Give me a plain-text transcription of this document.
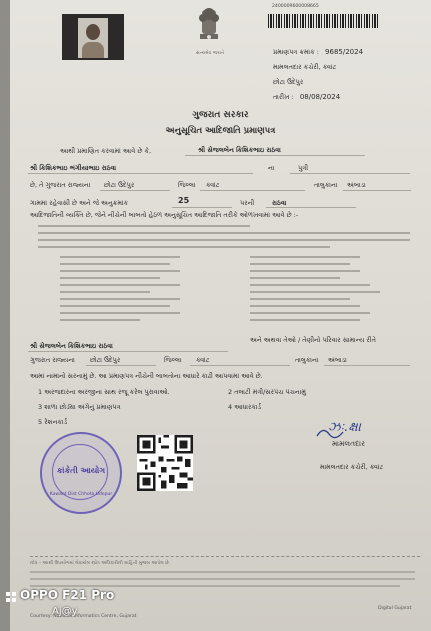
સત્યમેવ જયતે
2400009600008665
પ્રમાણપત્ર ક્રમાંક : 9685/2024
મામલતદાર કચેરી, ક્વાંટ
છોટા ઉદેપુર
તારીખ : 08/08/2024
ગુજરાત સરકાર
અનુસૂચિત આદિજાતિ પ્રમાણપત્ર
આથી પ્રમાણિત કરવામાં આવે છે કે,	શ્રી સેજલબેન કિશિકભાઇ રાઠવા
શ્રી કિશિકભાઇ ભંગીયાભાઇ રાઠવા	ના	પુત્રી
છે, તે ગુજરાત રાજ્યના છોટા ઉદેપુર	જિલ્લા ક્વાંટ	તાલુકાના અંબાડા
ગામમાં રહેવાસી છે અને જે અનુક્રમાંક	25	પરની	રાઠવા
આદિજાતિની વ્યક્તિ છે, જેને નીચેની બાબતો હેઠળ અનુસૂચિત આદિજાતિ તરીકે ઓળખવામાં આવે છે :-
અને અથવા તેઓ / તેણીનો પરિવાર સામાન્ય રીતે
શ્રી સેજલબેન કિશિકભાઇ રાઠવા
ગુજરાત રાજ્યના છોટા ઉદેપુર	જિલ્લા ક્વાંટ	તાલુકાના અંબાડા
આમાં નામાંનો સરનામું છે. આ પ્રમાણપત્ર નીચેની બાબતોના આધારે કાઢી આપવામાં આવે છે.
1 અરજદારના અરજીના સાથ રજૂ કરેલ પુરાવાઓ.	2 તલાટી મંત્રી/સરપંચ પંચનામું
3 શાળા છોડ્યા અંગેનું પ્રમાણપત્ર	4 આધારકાર્ડ
5 રેશનકાર્ડ
કાંકેતી આયોગ
Kawant Dist Chhota Udepur
ઝઃ.ક્ષા
મામલતદાર
મામલતદાર કચેરી, ક્વાંટ
નોંધ – આથી ઉપયોગમાં લેવાયેલ સ્ત્રોત્ર અધિકારીની માહિતી મુજબ આપેલ છે.
Courtesy: National Informatics Centre, Gujarat
Digital Gujarat
OPPO F21 Pro
Aj@y
